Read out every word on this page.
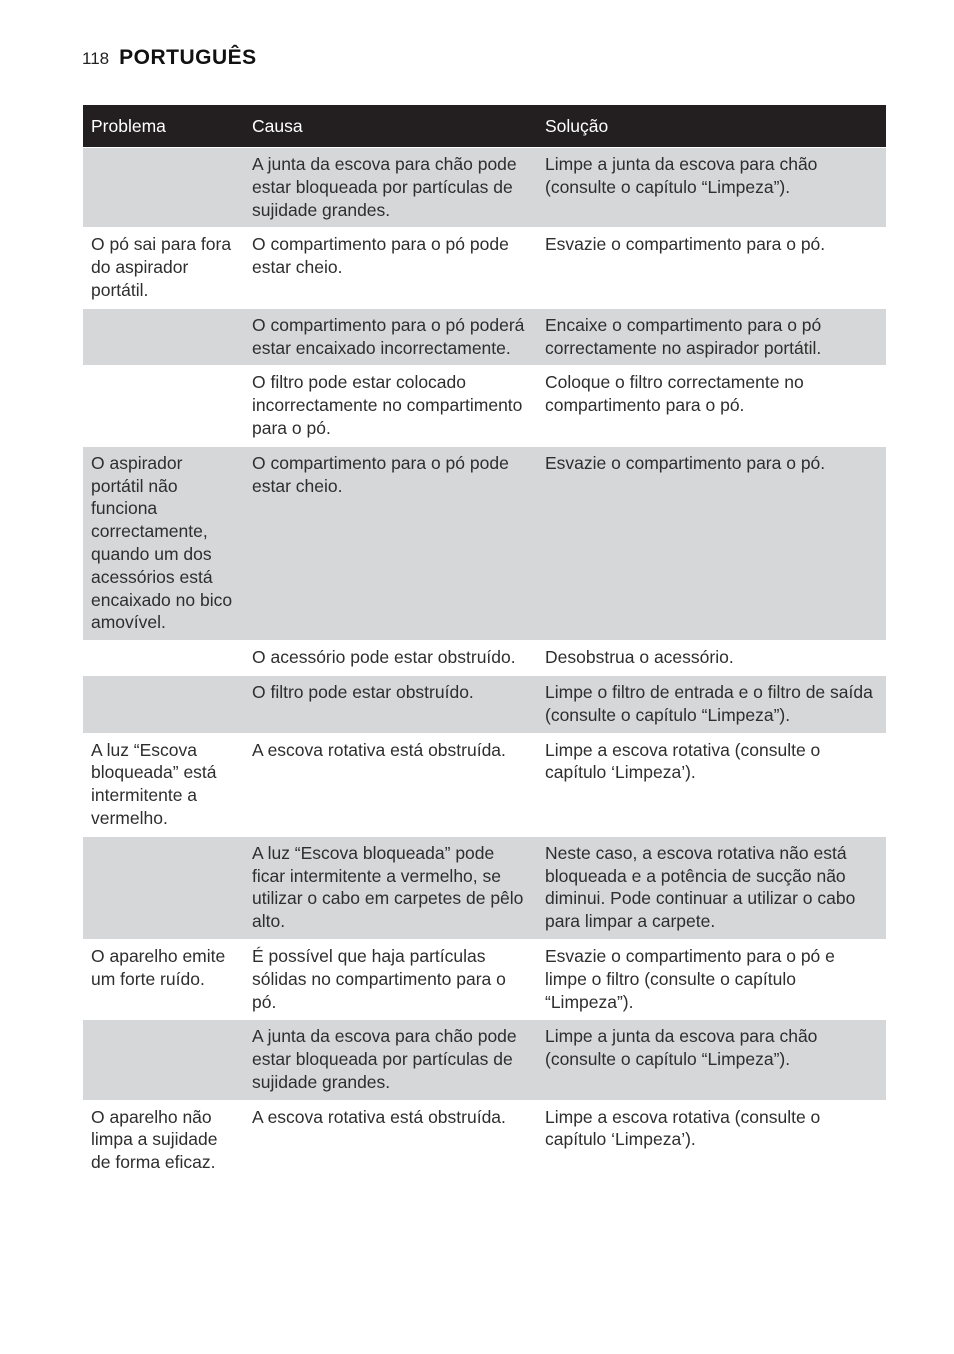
118 PORTUGUÊS
Problema	Causa	Solução
	A junta da escova para chão pode estar bloqueada por partículas de sujidade grandes.	Limpe a junta da escova para chão (consulte o capítulo “Limpeza”).
O pó sai para fora do aspirador portátil.	O compartimento para o pó pode estar cheio.	Esvazie o compartimento para o pó.
	O compartimento para o pó poderá estar encaixado incorrectamente.	Encaixe o compartimento para o pó correctamente no aspirador portátil.
	O filtro pode estar colocado incorrectamente no compartimento para o pó.	Coloque o filtro correctamente no compartimento para o pó.
O aspirador portátil não funciona correctamente, quando um dos acessórios está encaixado no bico amovível.	O compartimento para o pó pode estar cheio.	Esvazie o compartimento para o pó.
	O acessório pode estar obstruído.	Desobstrua o acessório.
	O filtro pode estar obstruído.	Limpe o filtro de entrada e o filtro de saída (consulte o capítulo “Limpeza”).
A luz “Escova bloqueada” está intermitente a vermelho.	A escova rotativa está obstruída.	Limpe a escova rotativa (consulte o capítulo ‘Limpeza’).
	A luz “Escova bloqueada” pode ficar intermitente a vermelho, se utilizar o cabo em carpetes de pêlo alto.	Neste caso, a escova rotativa não está bloqueada e a potência de sucção não diminui. Pode continuar a utilizar o cabo para limpar a carpete.
O aparelho emite um forte ruído.	É possível que haja partículas sólidas no compartimento para o pó.	Esvazie o compartimento para o pó e limpe o filtro (consulte o capítulo “Limpeza”).
	A junta da escova para chão pode estar bloqueada por partículas de sujidade grandes.	Limpe a junta da escova para chão (consulte o capítulo “Limpeza”).
O aparelho não limpa a sujidade de forma eficaz.	A escova rotativa está obstruída.	Limpe a escova rotativa (consulte o capítulo ‘Limpeza’).
